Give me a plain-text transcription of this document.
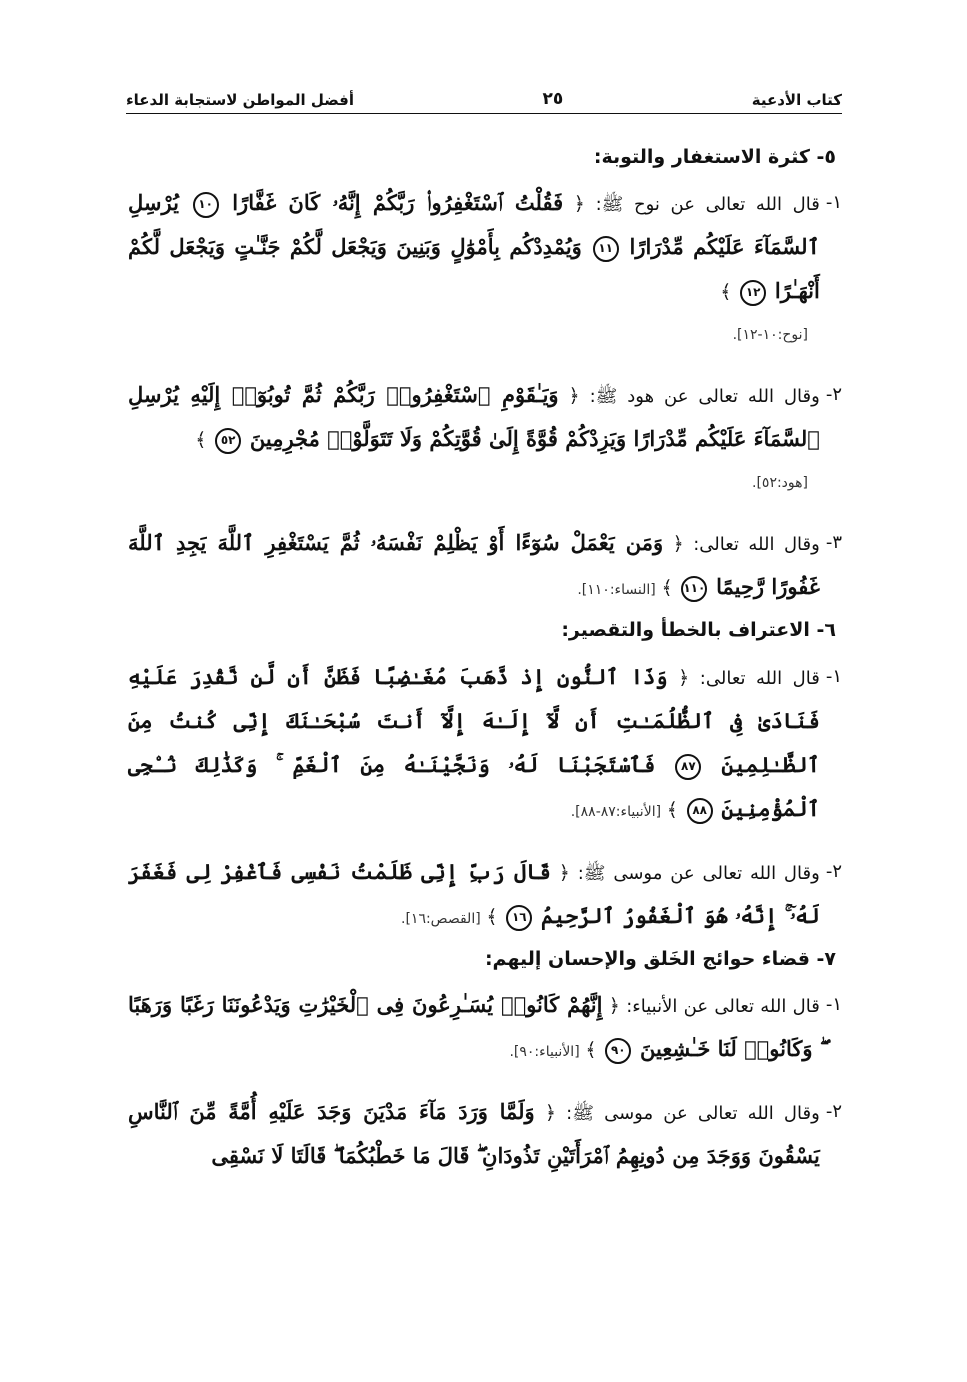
كتاب الأدعية
٢٥
أفضل المواطن لاستجابة الدعاء
٥- كثرة الاستغفار والتوبة:
١-
قال الله تعالى عن نوح ﷺ: ﴿ فَقُلْتُ ٱسْتَغْفِرُوا۟ رَبَّكُمْ إِنَّهُۥ كَانَ غَفَّارًا ١٠ يُرْسِلِ ٱلسَّمَآءَ عَلَيْكُم مِّدْرَارًا ١١ وَيُمْدِدْكُم بِأَمْوَٰلٍ وَبَنِينَ وَيَجْعَل لَّكُمْ جَنَّـٰتٍ وَيَجْعَل لَّكُمْ أَنْهَـٰرًا ١٢ ﴾
[نوح:١٠-١٢].
٢-
وقال الله تعالى عن هود ﷺ: ﴿ وَيَـٰقَوْمِ ٱسْتَغْفِرُوا۟ رَبَّكُمْ ثُمَّ تُوبُوٓا۟ إِلَيْهِ يُرْسِلِ ٱلسَّمَآءَ عَلَيْكُم مِّدْرَارًا وَيَزِدْكُمْ قُوَّةً إِلَىٰ قُوَّتِكُمْ وَلَا تَتَوَلَّوْا۟ مُجْرِمِينَ ٥٢ ﴾
[هود:٥٢].
٣-
وقال الله تعالى: ﴿ وَمَن يَعْمَلْ سُوٓءًا أَوْ يَظْلِمْ نَفْسَهُۥ ثُمَّ يَسْتَغْفِرِ ٱللَّهَ يَجِدِ ٱللَّهَ غَفُورًا رَّحِيمًا ١١٠ ﴾ [النساء:١١٠].
٦- الاعتراف بالخطأ والتقصير:
١-
قال الله تعالى: ﴿ وَذَا ٱلنُّونِ إِذ ذَّهَبَ مُغَـٰضِبًا فَظَنَّ أَن لَّن نَّقْدِرَ عَلَيْهِ فَنَادَىٰ فِى ٱلظُّلُمَـٰتِ أَن لَّآ إِلَـٰهَ إِلَّآ أَنتَ سُبْحَـٰنَكَ إِنِّى كُنتُ مِنَ ٱلظَّـٰلِمِينَ ٨٧ فَٱسْتَجَبْنَا لَهُۥ وَنَجَّيْنَـٰهُ مِنَ ٱلْغَمِّ ۚ وَكَذَٰلِكَ نُـۨجِى ٱلْمُؤْمِنِينَ ٨٨ ﴾ [الأنبياء:٨٧-٨٨].
٢-
وقال الله تعالى عن موسى ﷺ: ﴿ قَالَ رَبِّ إِنِّى ظَلَمْتُ نَفْسِى فَٱغْفِرْ لِى فَغَفَرَ لَهُۥٓ ۚ إِنَّهُۥ هُوَ ٱلْغَفُورُ ٱلرَّحِيمُ ١٦ ﴾ [القصص:١٦].
٧- قضاء حوائج الخَلق والإحسان إليهم:
١-
قال الله تعالى عن الأنبياء: ﴿ إِنَّهُمْ كَانُوا۟ يُسَـٰرِعُونَ فِى ٱلْخَيْرَٰتِ وَيَدْعُونَنَا رَغَبًا وَرَهَبًا ۖ وَكَانُوا۟ لَنَا خَـٰشِعِينَ ٩٠ ﴾ [الأنبياء:٩٠].
٢-
وقال الله تعالى عن موسى ﷺ: ﴿ وَلَمَّا وَرَدَ مَآءَ مَدْيَنَ وَجَدَ عَلَيْهِ أُمَّةً مِّنَ ٱلنَّاسِ يَسْقُونَ وَوَجَدَ مِن دُونِهِمُ ٱمْرَأَتَيْنِ تَذُودَانِ ۖ قَالَ مَا خَطْبُكُمَا ۖ قَالَتَا لَا نَسْقِى
